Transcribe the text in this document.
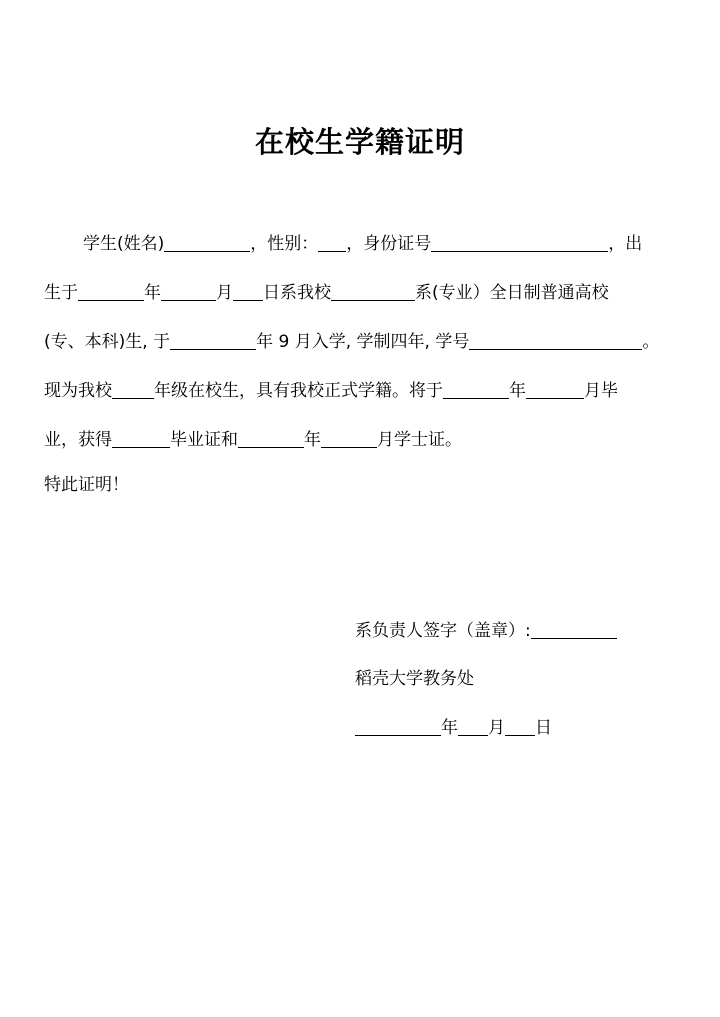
在校生学籍证明
学生(姓名)	，性别： ，身份证号	，出
生于	年	月 日系我校	系(专业）全日制普通高校
(专、本科)生, 于	年 9 月入学, 学制四年, 学号	。
现为我校 年级在校生，具有我校正式学籍。将于	年	月毕
业，获得	毕业证和	年	月学士证。
特此证明！
系负责人签字（盖章）:
稻壳大学教务处
年 月 日
